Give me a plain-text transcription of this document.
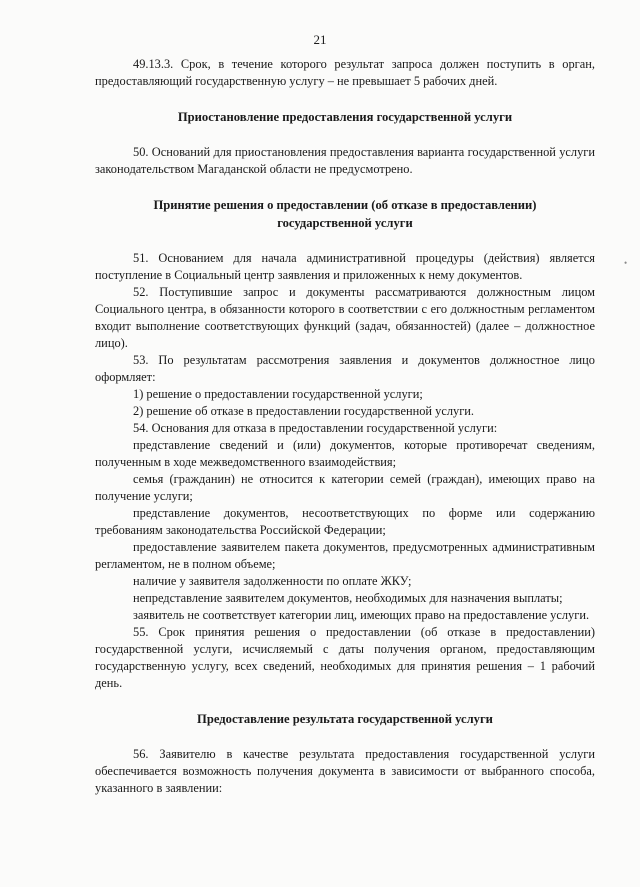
21

49.13.3. Срок, в течение которого результат запроса должен поступить в орган, предоставляющий государственную услугу – не превышает 5 рабочих дней.

Приостановление предоставления государственной услуги

50. Оснований для приостановления предоставления варианта государственной услуги законодательством Магаданской области не предусмотрено.

Принятие решения о предоставлении (об отказе в предоставлении) государственной услуги

51. Основанием для начала административной процедуры (действия) является поступление в Социальный центр заявления и приложенных к нему документов.

52. Поступившие запрос и документы рассматриваются должностным лицом Социального центра, в обязанности которого в соответствии с его должностным регламентом входит выполнение соответствующих функций (задач, обязанностей) (далее – должностное лицо).

53. По результатам рассмотрения заявления и документов должностное лицо оформляет:

1) решение о предоставлении государственной услуги;

2) решение об отказе в предоставлении государственной услуги.

54. Основания для отказа в предоставлении государственной услуги:

представление сведений и (или) документов, которые противоречат сведениям, полученным в ходе межведомственного взаимодействия;

семья (гражданин) не относится к категории семей (граждан), имеющих право на получение услуги;

представление документов, несоответствующих по форме или содержанию требованиям законодательства Российской Федерации;

предоставление заявителем пакета документов, предусмотренных административным регламентом, не в полном объеме;

наличие у заявителя задолженности по оплате ЖКУ;

непредставление заявителем документов, необходимых для назначения выплаты;

заявитель не соответствует категории лиц, имеющих право на предоставление услуги.

55. Срок принятия решения о предоставлении (об отказе в предоставлении) государственной услуги, исчисляемый с даты получения органом, предоставляющим государственную услугу, всех сведений, необходимых для принятия решения – 1 рабочий день.

Предоставление результата государственной услуги

56. Заявителю в качестве результата предоставления государственной услуги обеспечивается возможность получения документа в зависимости от выбранного способа, указанного в заявлении:

•
